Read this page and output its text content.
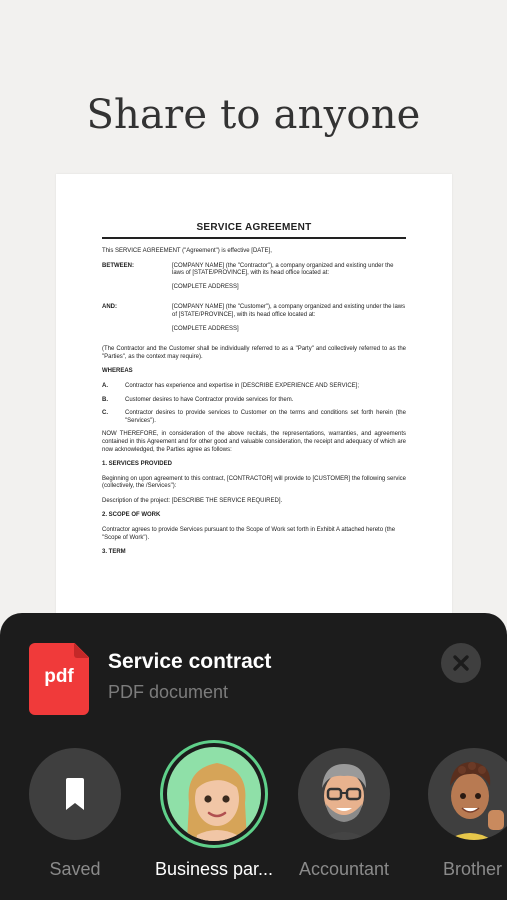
Share to anyone
SERVICE AGREEMENT
This SERVICE AGREEMENT ("Agreement") is effective [DATE],
BETWEEN:	[COMPANY NAME] (the "Contractor"), a company organized and existing under the laws of [STATE/PROVINCE], with its head office located at:
[COMPLETE ADDRESS]
AND:	[COMPANY NAME] (the "Customer"), a company organized and existing under the laws of [STATE/PROVINCE], with its head office located at:
[COMPLETE ADDRESS]
(The Contractor and the Customer shall be individually referred to as a "Party" and collectively referred to as the "Parties", as the context may require).
WHEREAS
A.	Contractor has experience and expertise in [DESCRIBE EXPERIENCE AND SERVICE];
B.	Customer desires to have Contractor provide services for them.
C.	Contractor desires to provide services to Customer on the terms and conditions set forth herein (the "Services").
NOW THEREFORE, in consideration of the above recitals, the representations, warranties, and agreements contained in this Agreement and for other good and valuable consideration, the receipt and adequacy of which are now acknowledged, the Parties agree as follows:
1. SERVICES PROVIDED
Beginning on upon agreement to this contract, [CONTRACTOR] will provide to [CUSTOMER] the following service (collectively, the /Services"):
Description of the project: [DESCRIBE THE SERVICE REQUIRED].
2. SCOPE OF WORK
Contractor agrees to provide Services pursuant to the Scope of Work set forth in Exhibit A attached hereto (the "Scope of Work").
3. TERM
pdf
Service contract
PDF document
Saved	Business par... Accountant	Brother
